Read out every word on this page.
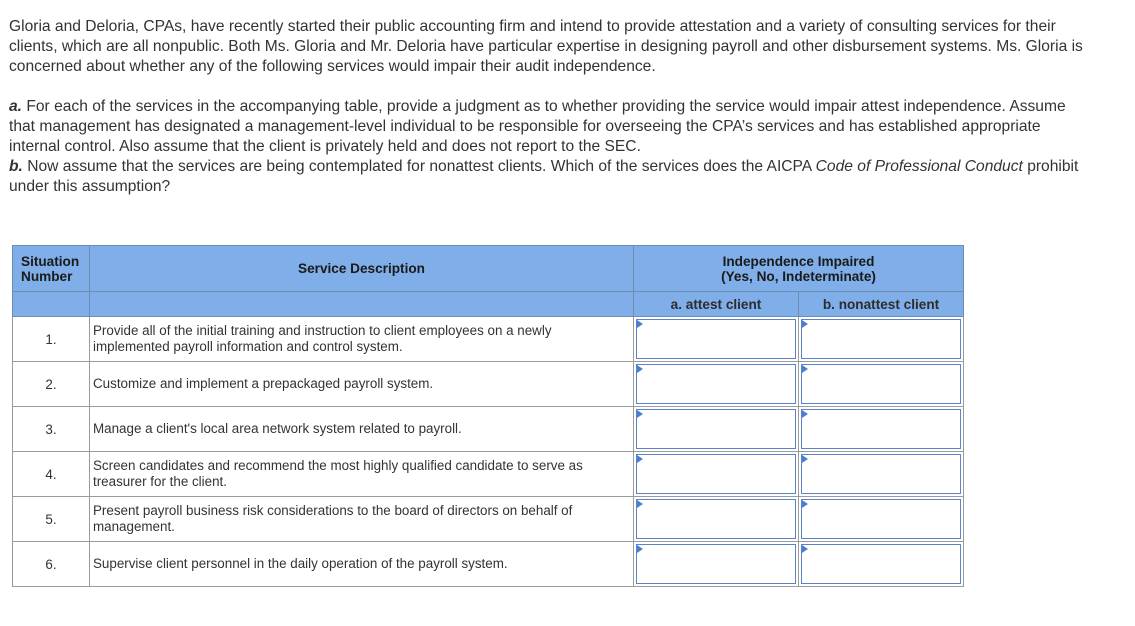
Gloria and Deloria, CPAs, have recently started their public accounting firm and intend to provide attestation and a variety of consulting services for their clients, which are all nonpublic. Both Ms. Gloria and Mr. Deloria have particular expertise in designing payroll and other disbursement systems. Ms. Gloria is concerned about whether any of the following services would impair their audit independence.

a. For each of the services in the accompanying table, provide a judgment as to whether providing the service would impair attest independence. Assume that management has designated a management-level individual to be responsible for overseeing the CPA’s services and has established appropriate internal control. Also assume that the client is privately held and does not report to the SEC.

b. Now assume that the services are being contemplated for nonattest clients. Which of the services does the AICPA Code of Professional Conduct prohibit under this assumption?

Situation Number	Service Description	Independence Impaired
(Yes, No, Indeterminate)	

		a. attest client	b. nonattest client
1.	Provide all of the initial training and instruction to client employees on a newly implemented payroll information and control system.	

2.	Customize and implement a prepackaged payroll system.	

3.	Manage a client's local area network system related to payroll.	

4.	Screen candidates and recommend the most highly qualified candidate to serve as treasurer for the client.	

5.	Present payroll business risk considerations to the board of directors on behalf of management.	

6.	Supervise client personnel in the daily operation of the payroll system.	
